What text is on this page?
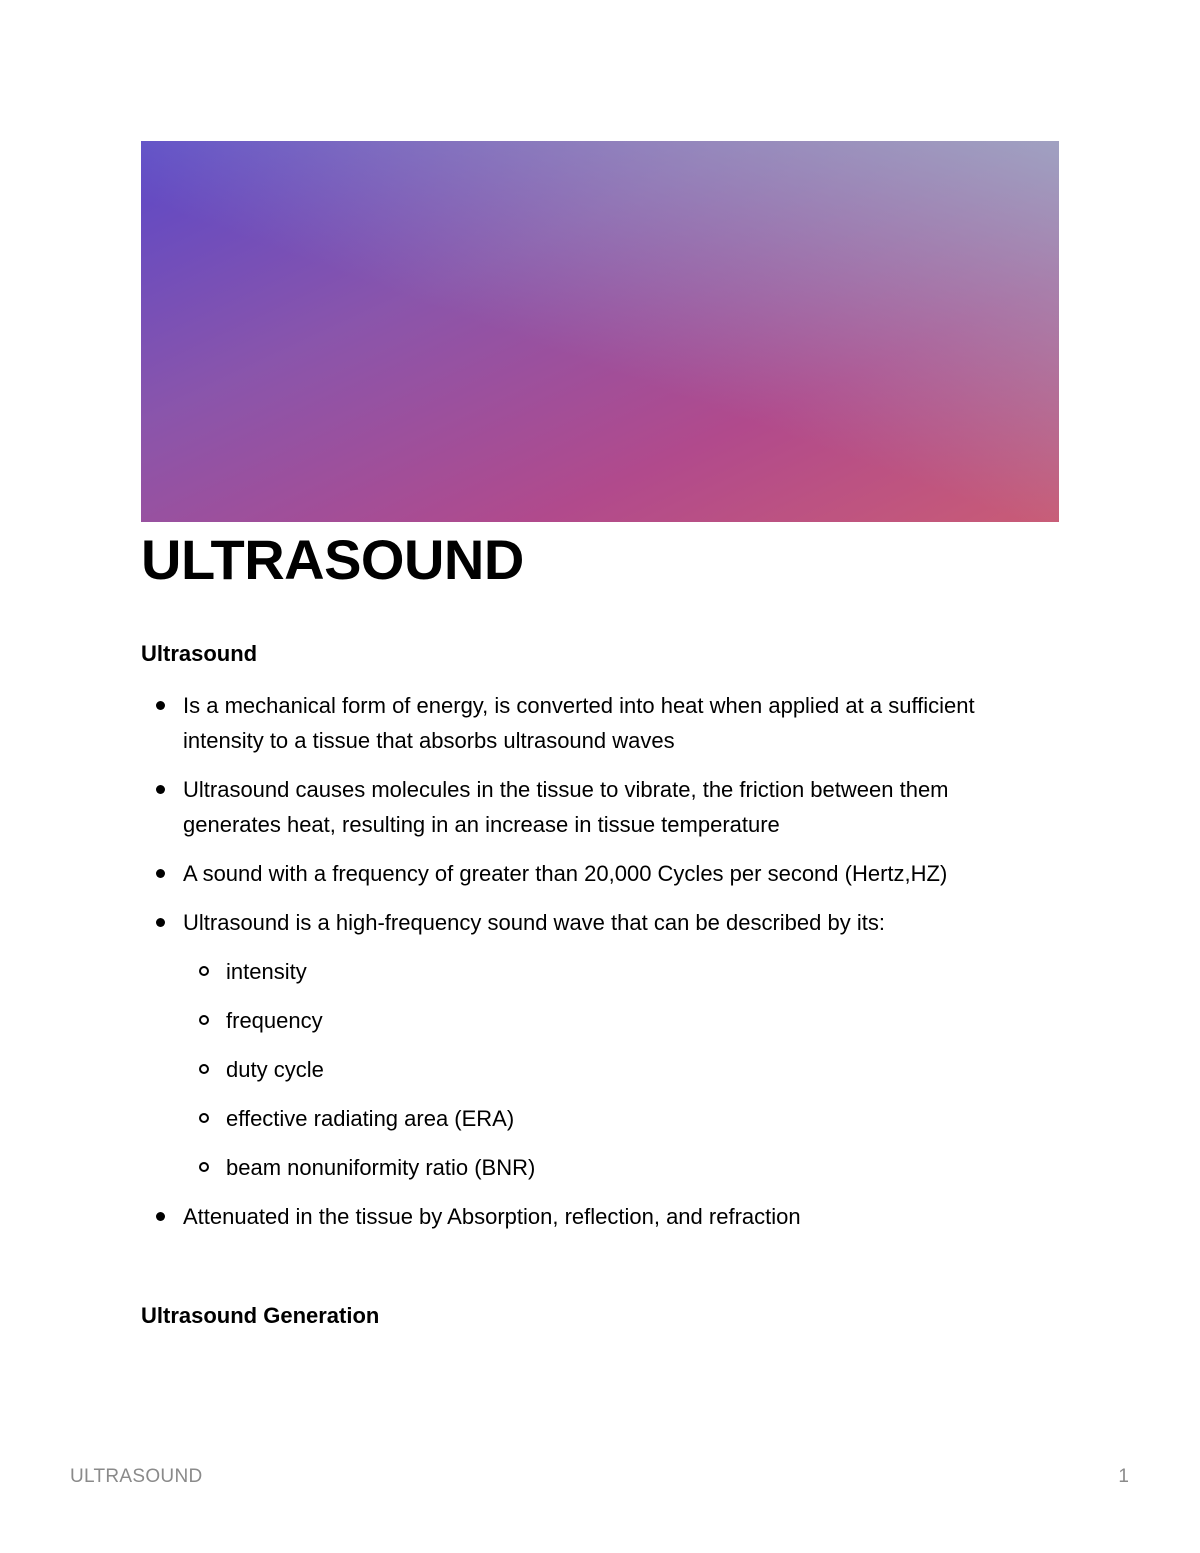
ULTRASOUND
Ultrasound
Is a mechanical form of energy, is converted into heat when applied at a sufficient intensity to a tissue that absorbs ultrasound waves
Ultrasound causes molecules in the tissue to vibrate, the friction between them generates heat, resulting in an increase in tissue temperature
A sound with a frequency of greater than 20,000 Cycles per second (Hertz,HZ)
Ultrasound is a high-frequency sound wave that can be described by its:
intensity
frequency
duty cycle
effective radiating area (ERA)
beam nonuniformity ratio (BNR)
Attenuated in the tissue by Absorption, reflection, and refraction
Ultrasound Generation
ULTRASOUND	1
